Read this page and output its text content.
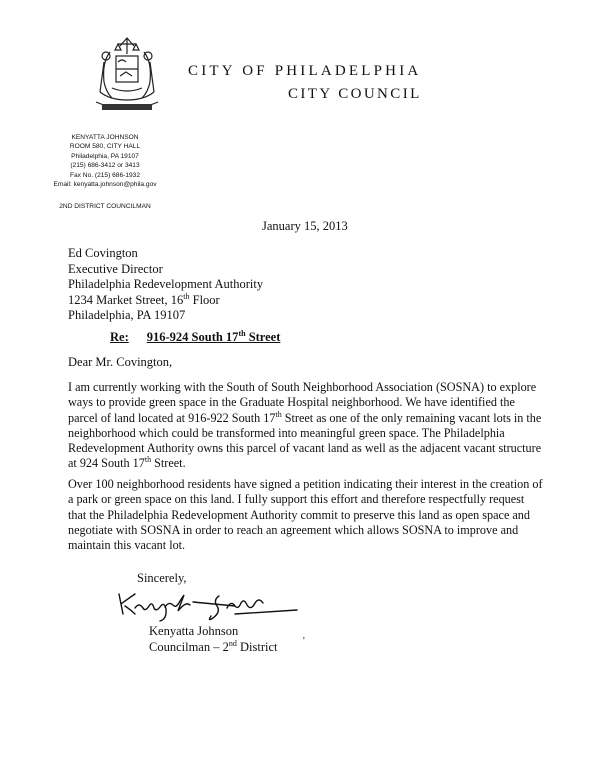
CITY OF PHILADELPHIA
CITY COUNCIL
KENYATTA JOHNSON
ROOM 580, CITY HALL
Philadelphia, PA 19107
(215) 686-3412 or 3413
Fax No. (215) 686-1932
Email: kenyatta.johnson@phila.gov
2ND DISTRICT COUNCILMAN
January 15, 2013
Ed Covington
Executive Director
Philadelphia Redevelopment Authority
1234 Market Street, 16th Floor
Philadelphia, PA 19107
Re: 916-924 South 17th Street
Dear Mr. Covington,
I am currently working with the South of South Neighborhood Association (SOSNA) to explore
ways to provide green space in the Graduate Hospital neighborhood. We have identified the
parcel of land located at 916-922 South 17th Street as one of the only remaining vacant lots in the
neighborhood which could be transformed into meaningful green space. The Philadelphia
Redevelopment Authority owns this parcel of vacant land as well as the adjacent vacant structure
at 924 South 17th Street.
Over 100 neighborhood residents have signed a petition indicating their interest in the creation of
a park or green space on this land. I fully support this effort and therefore respectfully request
that the Philadelphia Redevelopment Authority commit to preserve this land as open space and
negotiate with SOSNA in order to reach an agreement which allows SOSNA to improve and
maintain this vacant lot.
Sincerely,
Kenyatta Johnson
Councilman – 2nd District	'
